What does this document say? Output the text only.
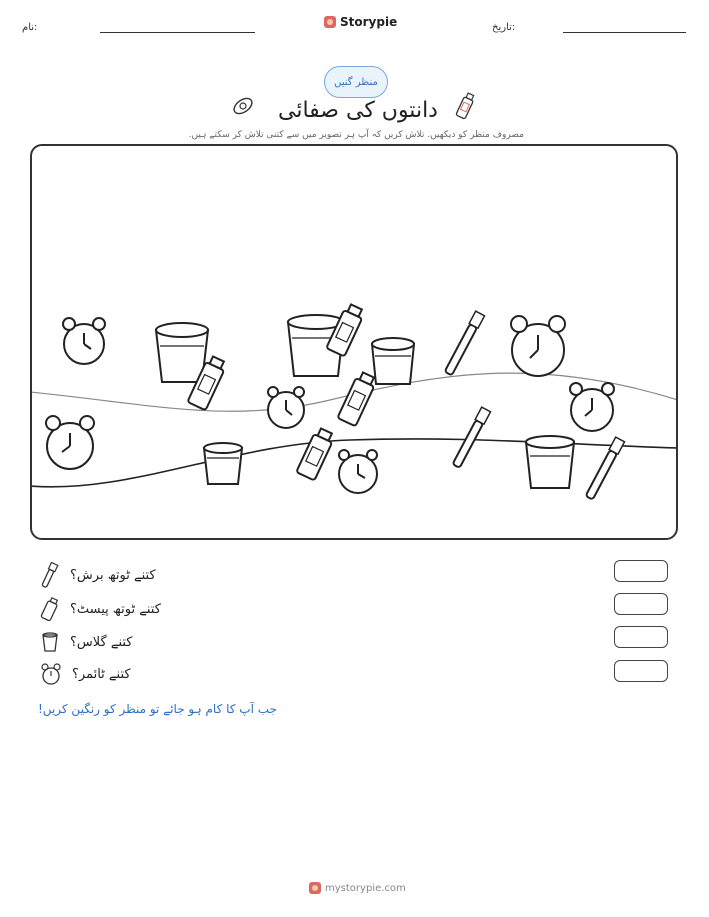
نام:	Storypie	تاریخ:
منظر گنیں
دانتوں کی صفائی
مصروف منظر کو دیکھیں. تلاش کریں کہ آپ ہر تصویر میں سے کتنی تلاش کر سکتے ہیں.
کتنے ٹوتھ برش؟
کتنے ٹوتھ پیسٹ؟
کتنے گلاس؟
کتنے ٹائمر؟
جب آپ کا کام ہو جائے تو منظر کو رنگین کریں!
mystorypie.com
